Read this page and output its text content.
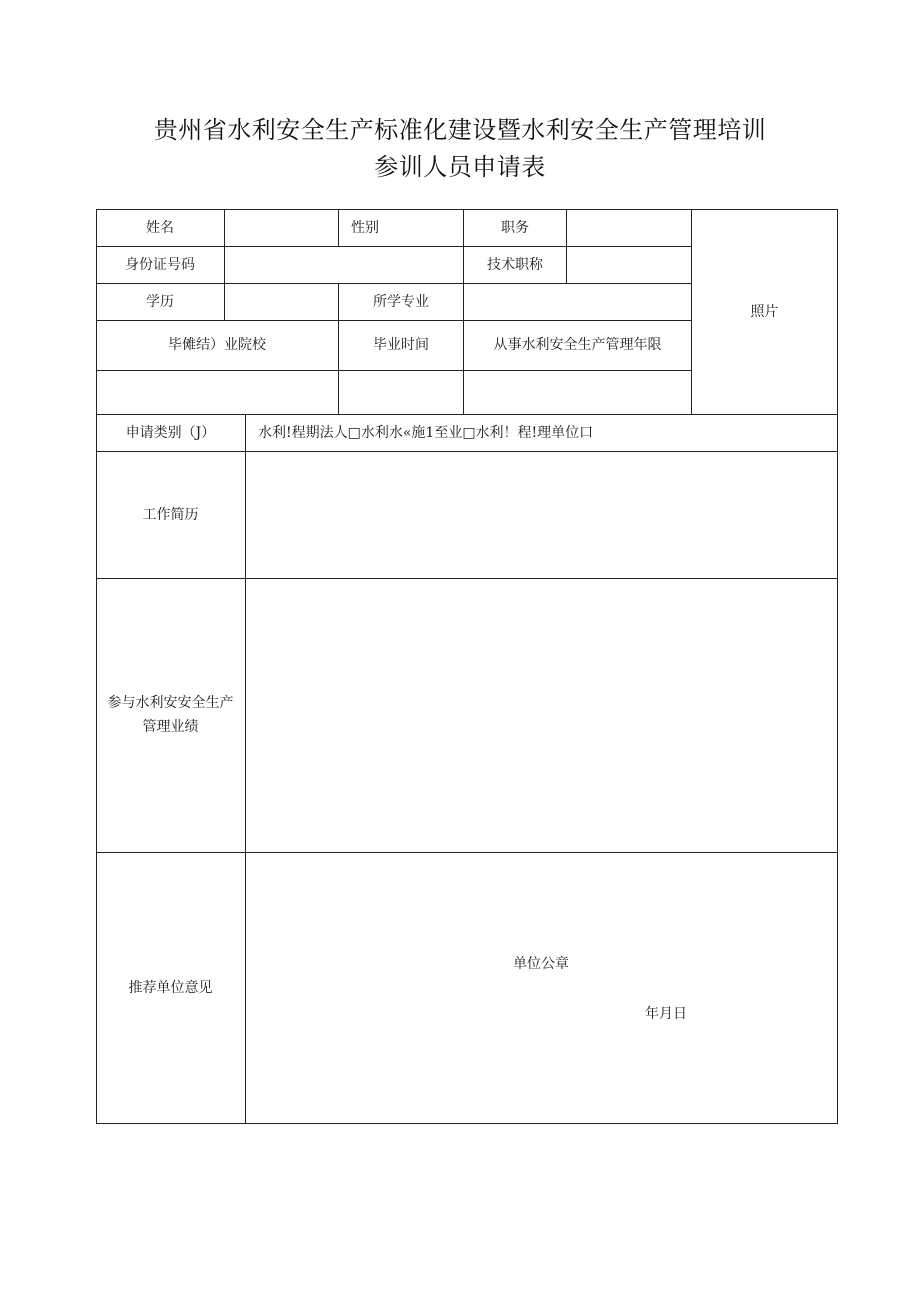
贵州省水利安全生产标准化建设暨水利安全生产管理培训
参训人员申请表
姓名	性别	职务
身份证号码	技术职称
学历	所学专业
照片
毕傩结）业院校	毕业时间	从事水利安全生产管理年限
申请类别（J）	水利!程期法人□水利水«施1至业□水利！程!理单位口
工作简历
参与水利安安全生产
管理业绩
推荐单位意见
单位公章
年月日
